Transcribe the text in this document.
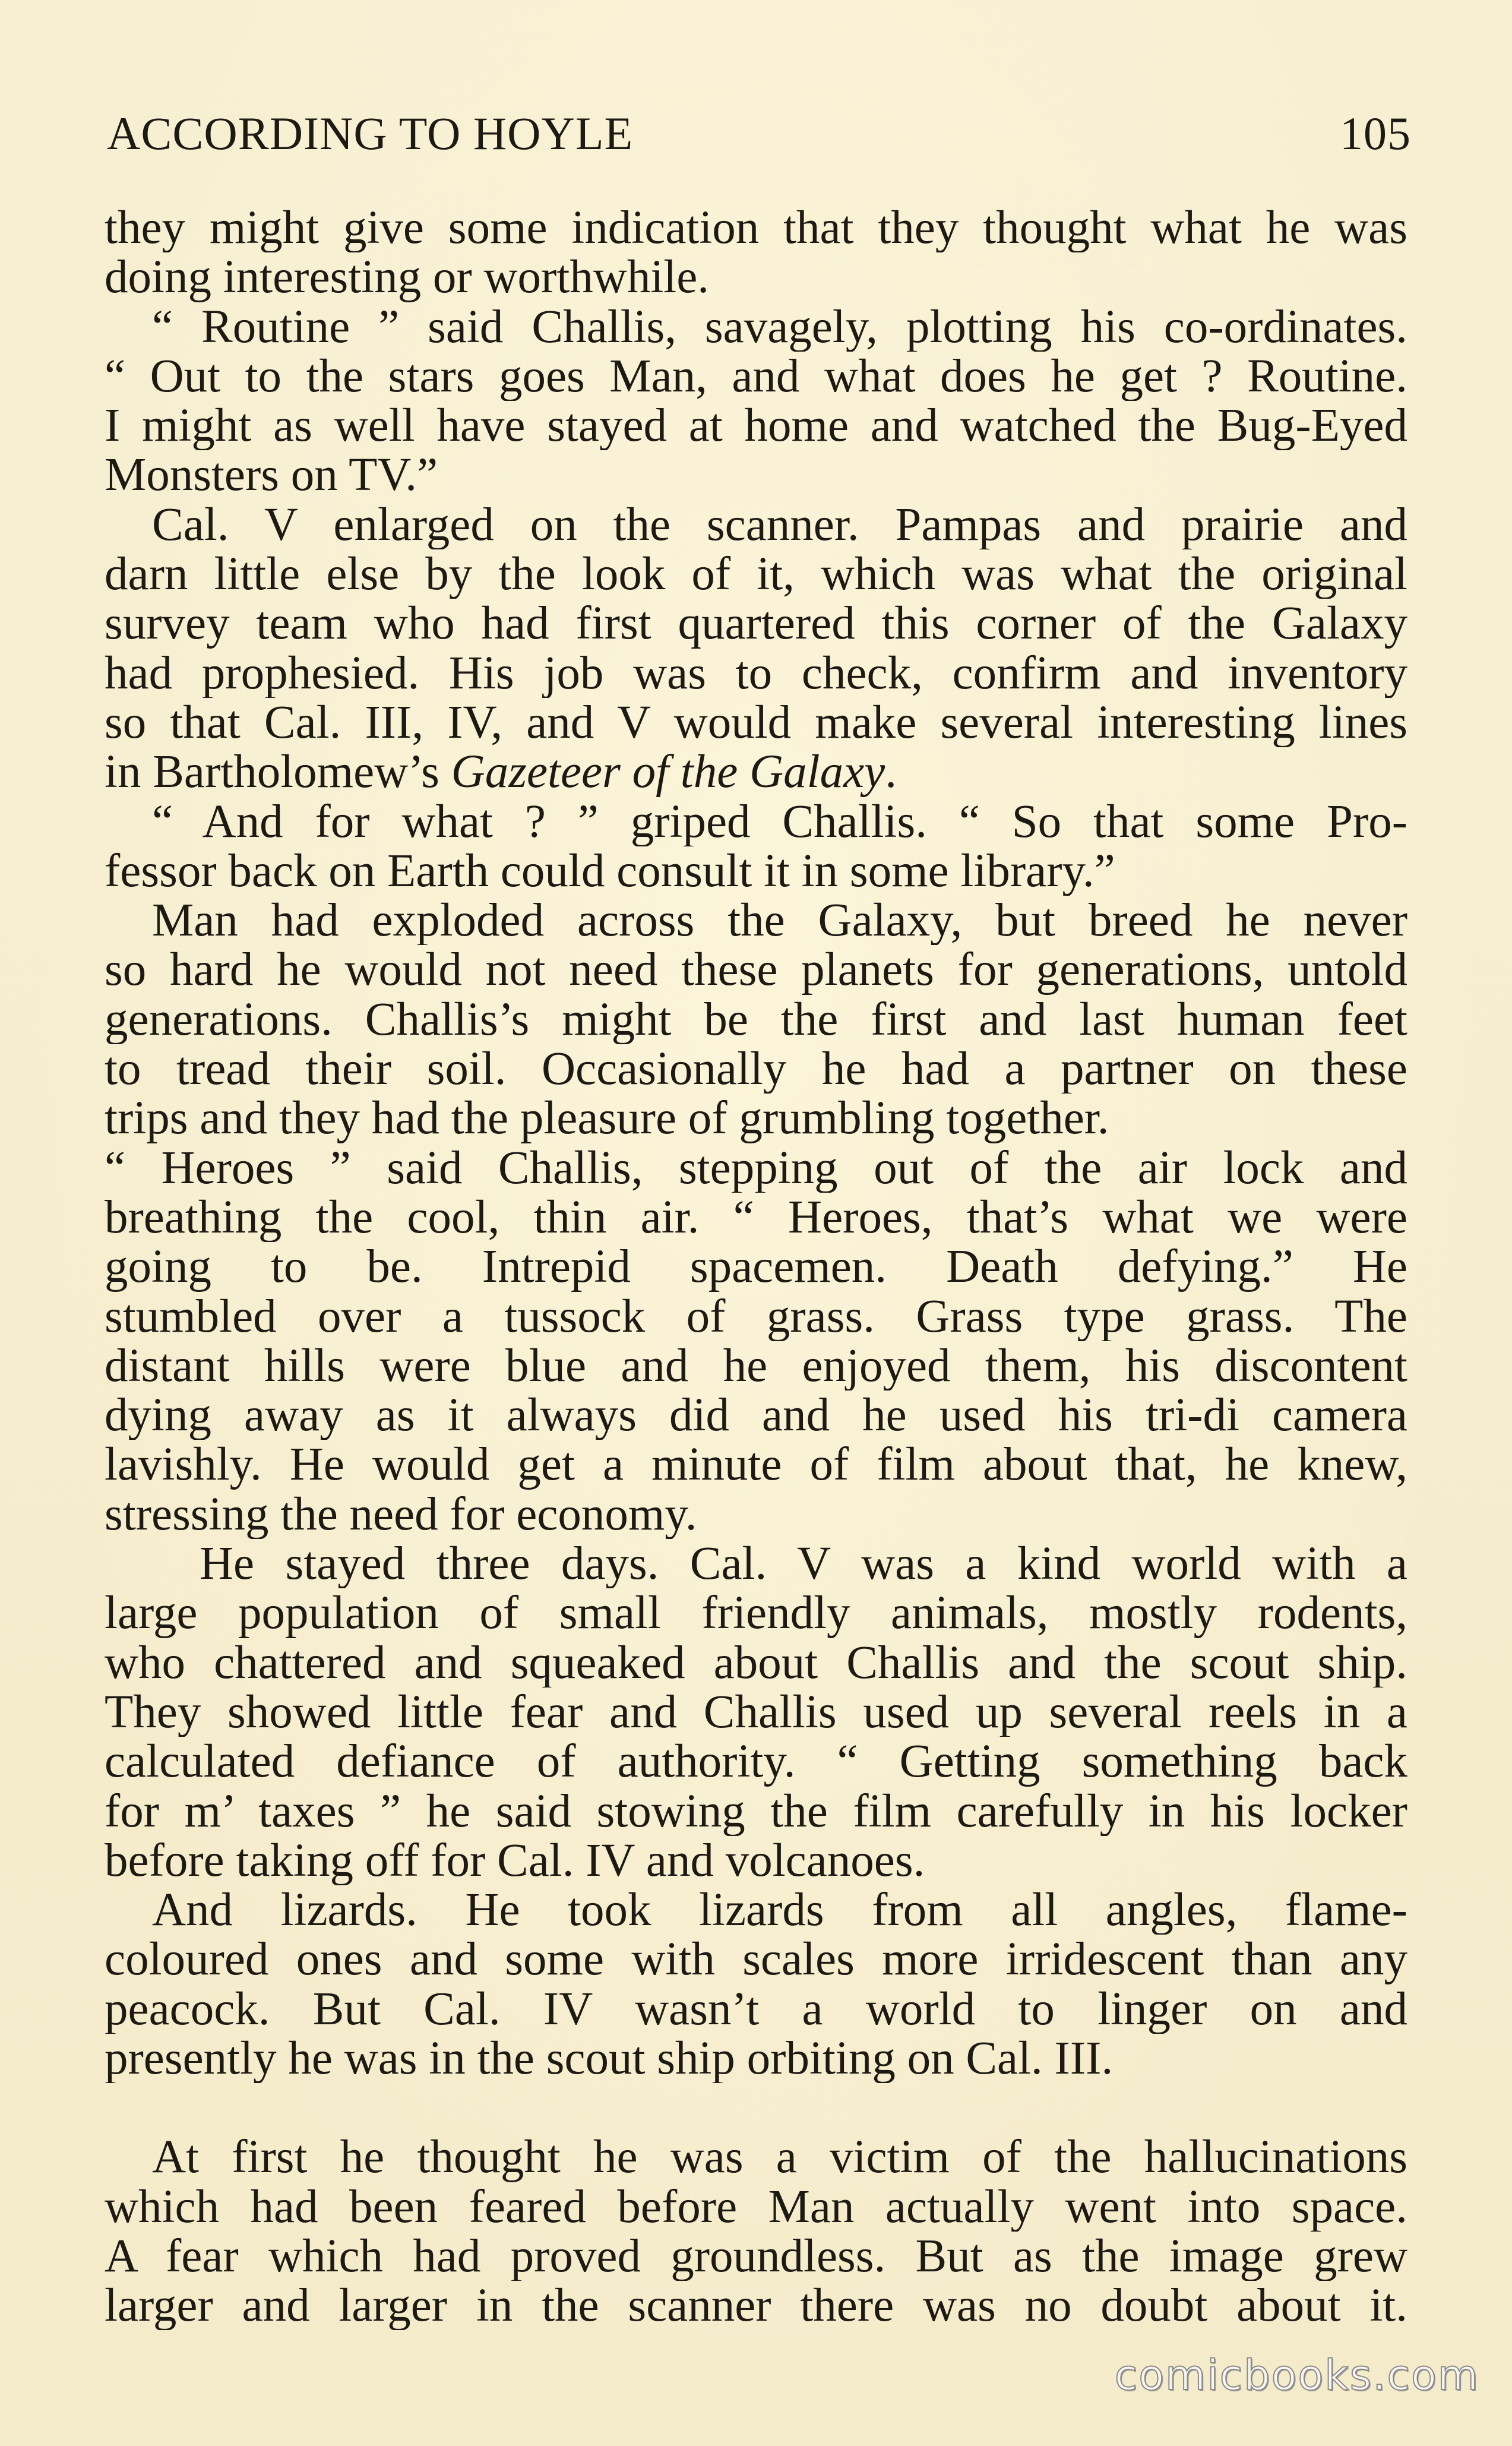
ACCORDING TO HOYLE	105
they might give some indication that they thought what he was
doing interesting or worthwhile.
“ Routine ” said Challis, savagely, plotting his co-ordinates.
“ Out to the stars goes Man, and what does he get ? Routine.
I might as well have stayed at home and watched the Bug-Eyed
Monsters on TV.”
Cal. V enlarged on the scanner. Pampas and prairie and
darn little else by the look of it, which was what the original
survey team who had first quartered this corner of the Galaxy
had prophesied. His job was to check, confirm and inventory
so that Cal. III, IV, and V would make several interesting lines
in Bartholomew’s Gazeteer of the Galaxy.
“ And for what ? ” griped Challis. “ So that some Pro-
fessor back on Earth could consult it in some library.”
Man had exploded across the Galaxy, but breed he never
so hard he would not need these planets for generations, untold
generations. Challis’s might be the first and last human feet
to tread their soil. Occasionally he had a partner on these
trips and they had the pleasure of grumbling together.
“ Heroes ” said Challis, stepping out of the air lock and
breathing the cool, thin air. “ Heroes, that’s what we were
going to be. Intrepid spacemen. Death defying.” He
stumbled over a tussock of grass. Grass type grass. The
distant hills were blue and he enjoyed them, his discontent
dying away as it always did and he used his tri-di camera
lavishly. He would get a minute of film about that, he knew,
stressing the need for economy.
He stayed three days. Cal. V was a kind world with a
large population of small friendly animals, mostly rodents,
who chattered and squeaked about Challis and the scout ship.
They showed little fear and Challis used up several reels in a
calculated defiance of authority. “ Getting something back
for m’ taxes ” he said stowing the film carefully in his locker
before taking off for Cal. IV and volcanoes.
And lizards. He took lizards from all angles, flame-
coloured ones and some with scales more irridescent than any
peacock. But Cal. IV wasn’t a world to linger on and
presently he was in the scout ship orbiting on Cal. III.
At first he thought he was a victim of the hallucinations
which had been feared before Man actually went into space.
A fear which had proved groundless. But as the image grew
larger and larger in the scanner there was no doubt about it.
comicbooks.com
